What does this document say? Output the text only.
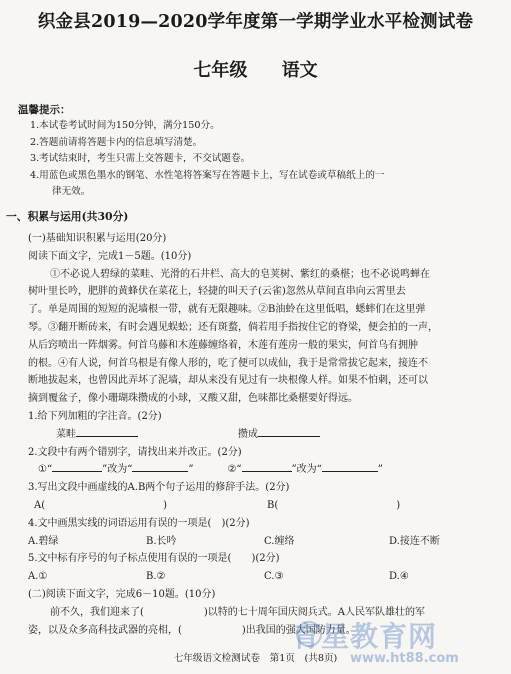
织金县2019—2020学年度第一学期学业水平检测试卷
七年级 语文
温馨提示：
1.本试卷考试时间为150分钟，满分150分。
2.答题前请将答题卡内的信息填写清楚。
3.考试结束时，考生只需上交答题卡，不交试题卷。
4.用蓝色或黑色墨水的钢笔、水性笔将答案写在答题卡上，写在试卷或草稿纸上的一
律无效。
一、积累与运用(共30分)
(一)基础知识积累与运用(20分)
阅读下面文字，完成1－5题。(10分)
①不必说人碧绿的菜畦、光滑的石井栏、高大的皂荚树、紫红的桑椹；也不必说鸣蝉在
树叶里长吟，肥胖的黄蜂伏在菜花上，轻捷的叫天子(云雀)忽然从草间直串向云霄里去
了。单是周围的短短的泥墙根一带，就有无限趣味。②B油蛉在这里低唱，蟋蟀们在这里弹
琴。③翻开断砖来，有时会遇见蜈蚣；还有斑蝥，倘若用手指按住它的脊梁，便会拍的一声，
从后窍喷出一阵烟雾。何首乌藤和木莲藤缠络着，木莲有莲房一般的果实，何首乌有拥肿
的根。④有人说，何首乌根是有像人形的，吃了便可以成仙，我于是常常拔它起来，接连不
断地拔起来，也曾因此弄坏了泥墙，却从来没有见过有一块根像人样。如果不怕刺，还可以
摘到覆盆子，像小珊瑚珠攒成的小球，又酸又甜，色味都比桑椹要好得远。
1.给下列加粗的字注音。(2分)
菜畦	攒成
2.文段中有两个错别字，请找出来并改正。(2分)
①“	”改为“	”	②“	”改为“	”
3.写出文段中画虚线的A.B两个句子运用的修辞手法。(2分)
A(	)	B(	)
4.文中画黑实线的词语运用有误的一项是(　)(2分)
A.碧绿	B.长吟	C.缠络	D.接连不断
5.文中标有序号的句子标点使用有误的一项是(　　)(2分)
A.①	B.②	C.③	D.④
(二)阅读下面文字，完成6－10题。(10分)
前不久，我们迎来了(　　　　　　)以特的七十周年国庆阅兵式。A人民军队雄壮的军
姿，以及众多高科技武器的亮相，(　　　　　　)出我国的强大国防力量。
七年级语文检测试卷　第1页　(共8页)
育星教育网
www.ht88.com
